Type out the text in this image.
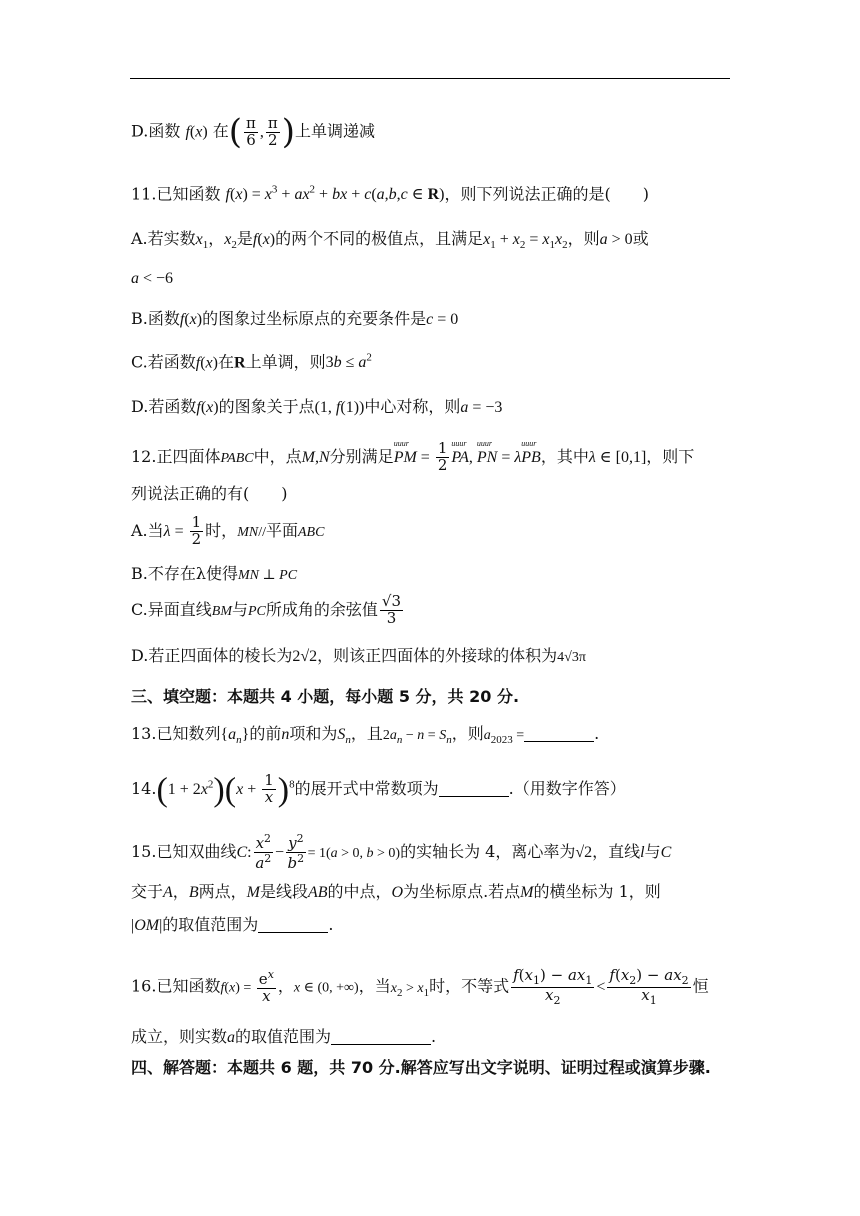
D.函数 f(x) 在( $\frac{\pi}{6}$ , $\frac{\pi}{2}$ )上单调递减
11.已知函数 $f(x) = x^3 + ax^2$ + bx + c(a,b,c ∈ R)，则下列说法正确的是(　　)
A.若实数$x_1$，$x_2$是f(x)的两个不同的极值点，且满足$x_1 + x_2 = x_1x_2$，则a > 0或
a < −6
B.函数f(x)的图象过坐标原点的充要条件是c = 0
C.若函数f(x)在R上单调，则$3b \le a^2$
D.若函数f(x)的图象关于点(1, f(1))中心对称，则a = −3
12.正四面体PABC中，点M,N分别满足uuur PM = $\frac{1}{2}$
uuur PA, uuur PN = λuuur PB，其中λ ∈ [0,1]，则下
列说法正确的有(　　)
A.当$\lambda = \frac{1}{2}$ 时，MN//平面ABC
B.不存在λ使得MN ⊥ PC
C.异面直线BM与PC所成角的余弦值 $\frac{√3}{3}$
D.若正四面体的棱长为2√2，则该正四面体的外接球的体积为4√3π
三、填空题：本题共 4 小题，每小题 5 分，共 20 分.
13.已知数列$\{a_n\}$的前n项和为$S_n$，且$2a_n - n = S_n$，则$a_{2023}$ =	.
$14.(1 + 2x^2)(x + \frac{1}{x} )^8$的展开式中常数项为	.（用数字作答）
15.已知双曲线C: $\frac{x^2}{a^2} - \frac{y^2}{b^2} = 1(a > 0$, b > 0)的实轴长为 4，离心率为√2，直线l与C
交于A，B两点，M是线段AB的中点，O为坐标原点.若点M的横坐标为 1，则
|OM|的取值范围为	.
16.已知函数$f(x) = \frac{e^x}{x}$ ，x ∈ (0, +∞)，当$x_2 > x_1$时，不等式 $\frac{f(x_1) - ax_1}{x_2} < \frac{f(x_2) - ax_2}{x_1}$ 恒
成立，则实数a的取值范围为	.
四、解答题：本题共 6 题，共 70 分.解答应写出文字说明、证明过程或演算步骤.
